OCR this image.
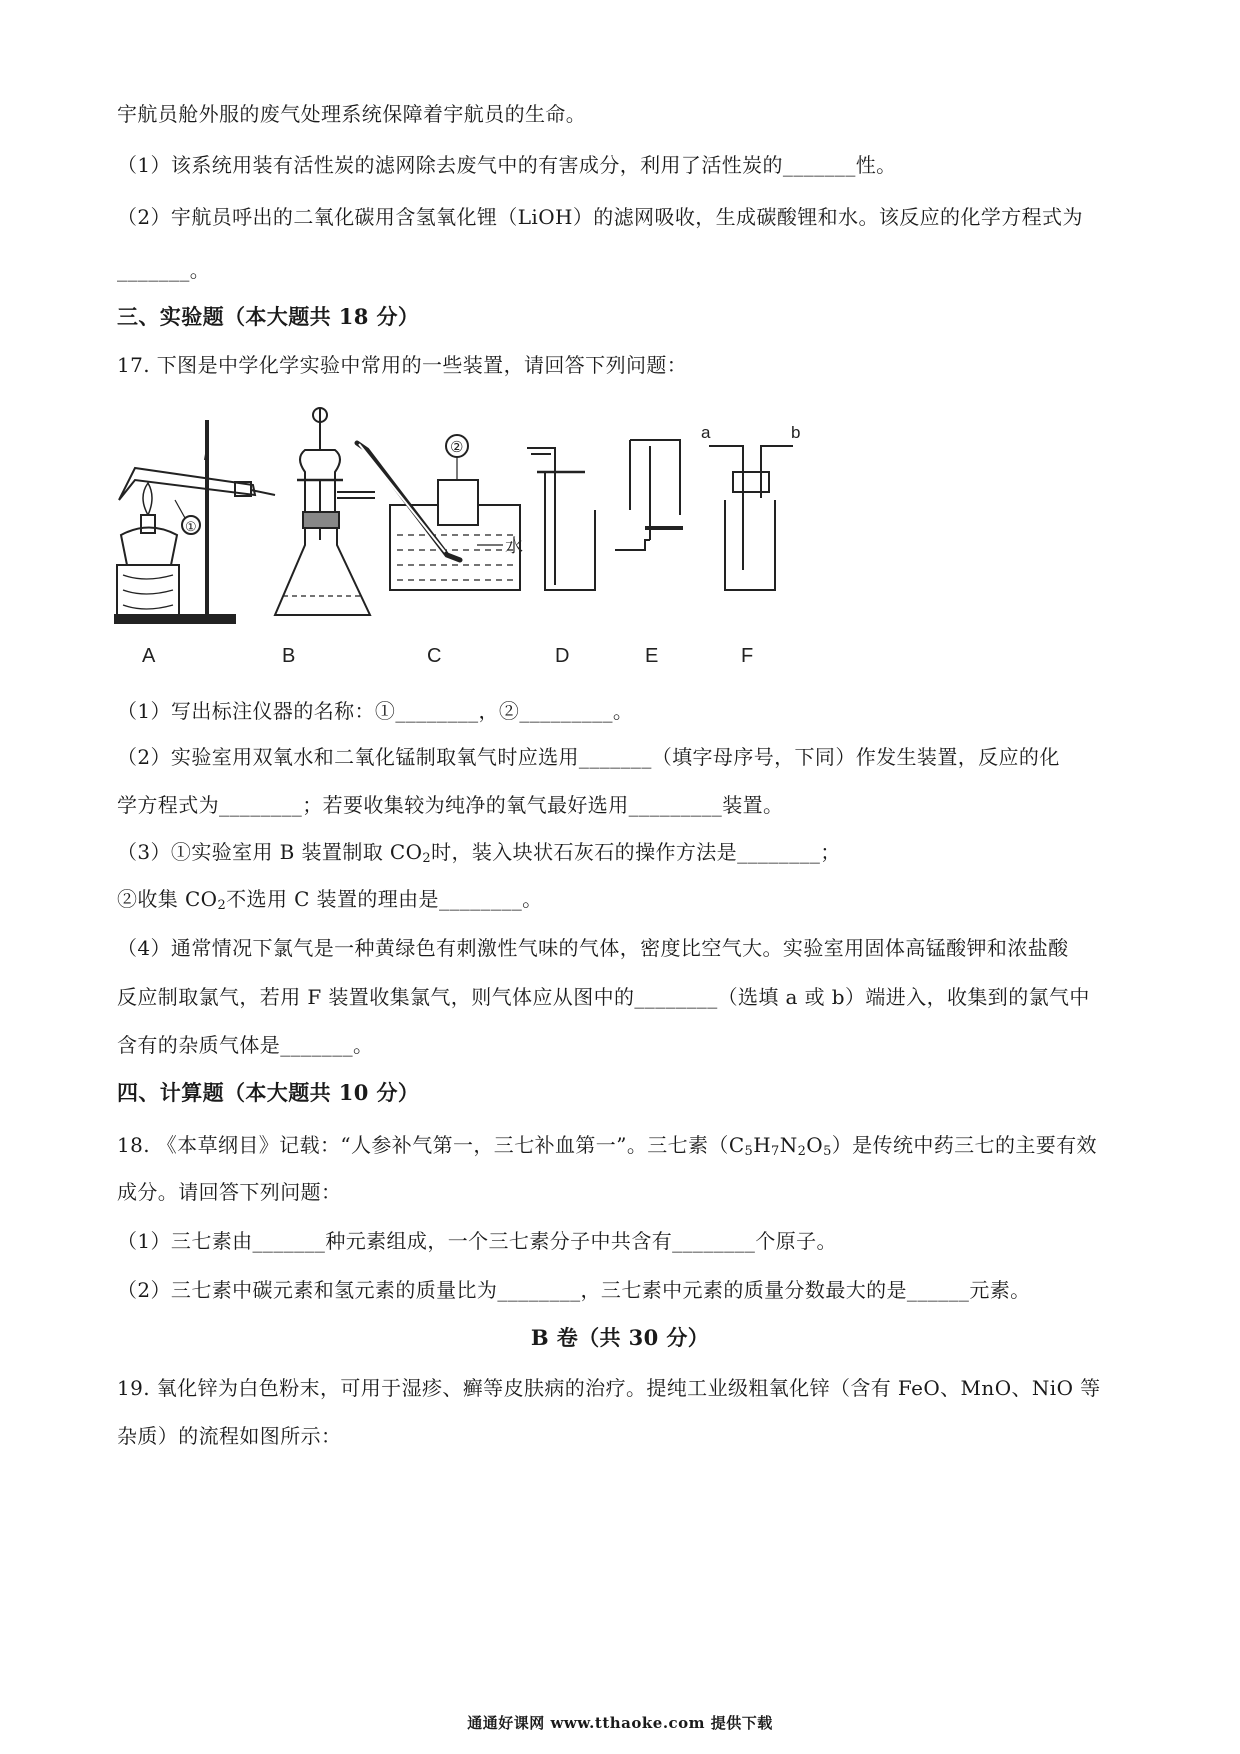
宇航员舱外服的废气处理系统保障着宇航员的生命。
（1）该系统用装有活性炭的滤网除去废气中的有害成分，利用了活性炭的_______性。
（2）宇航员呼出的二氧化碳用含氢氧化锂（LiOH）的滤网吸收，生成碳酸锂和水。该反应的化学方程式为
_______。
三、实验题（本大题共 18 分）
17. 下图是中学化学实验中常用的一些装置，请回答下列问题：
A	B	C	D	E	F
①
②
水
a	b
（1）写出标注仪器的名称：①________，②_________。
（2）实验室用双氧水和二氧化锰制取氧气时应选用_______（填字母序号，下同）作发生装置，反应的化
学方程式为________；若要收集较为纯净的氧气最好选用_________装置。
（3）①实验室用 B 装置制取 $CO_2$时，装入块状石灰石的操作方法是________；
②收集 $CO_2$不选用 C 装置的理由是________。
（4）通常情况下氯气是一种黄绿色有刺激性气味的气体，密度比空气大。实验室用固体高锰酸钾和浓盐酸
反应制取氯气，若用 F 装置收集氯气，则气体应从图中的________（选填 a 或 b）端进入，收集到的氯气中
含有的杂质气体是_______。
四、计算题（本大题共 10 分）
18. 《本草纲目》记载：“人参补气第一，三七补血第一”。三七素$(C_5H_7N_2O_5)$是传统中药三七的主要有效
成分。请回答下列问题：
（1）三七素由_______种元素组成，一个三七素分子中共含有________个原子。
（2）三七素中碳元素和氢元素的质量比为________，三七素中元素的质量分数最大的是______元素。
B 卷（共 30 分）
19. 氧化锌为白色粉末，可用于湿疹、癣等皮肤病的治疗。提纯工业级粗氧化锌（含有 FeO、MnO、NiO 等
杂质）的流程如图所示：
通通好课网 www.tthaoke.com 提供下载
